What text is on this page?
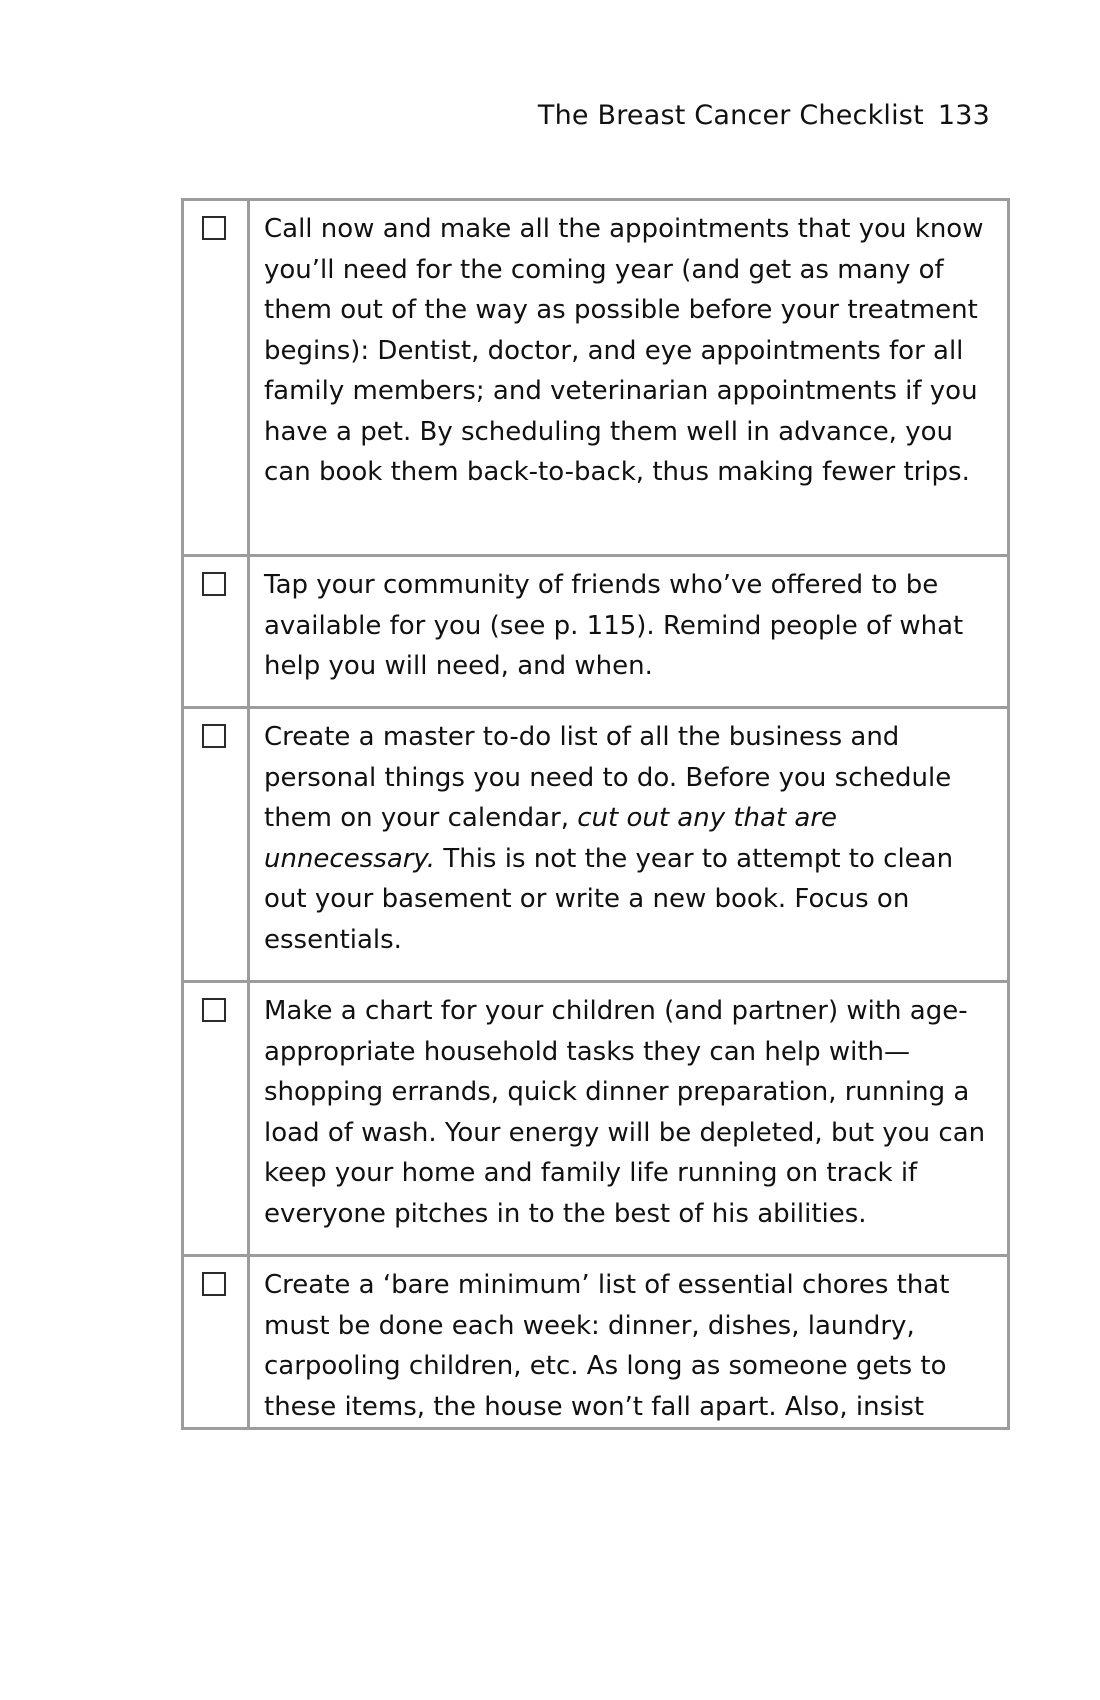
The Breast Cancer Checklist 133

	Call now and make all the appointments that you know you’ll need for the coming year (and get as many of them out of the way as possible before your treatment begins): Dentist, doctor, and eye appointments for all family members; and veterinarian appointments if you have a pet. By scheduling them well in advance, you can book them back-to-back, thus making fewer trips.

	Tap your community of friends who’ve offered to be available for you (see p. 115). Remind people of what help you will need, and when.

	Create a master to-do list of all the business and personal things you need to do. Before you schedule them on your calendar, cut out any that are unnecessary. This is not the year to attempt to clean out your basement or write a new book. Focus on essentials.

	Make a chart for your children (and partner) with age-appropriate household tasks they can help with—shopping errands, quick dinner preparation, running a load of wash. Your energy will be depleted, but you can keep your home and family life running on track if everyone pitches in to the best of his abilities.

	Create a ‘bare minimum’ list of essential chores that must be done each week: dinner, dishes, laundry, carpooling children, etc. As long as someone gets to these items, the house won’t fall apart. Also, insist
